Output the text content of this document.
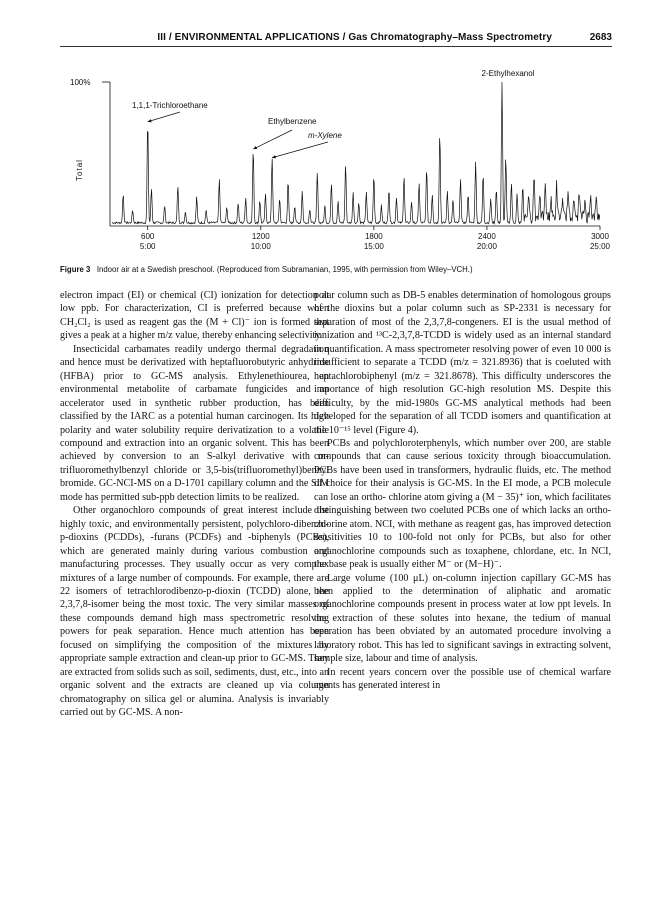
III / ENVIRONMENTAL APPLICATIONS / Gas Chromatography–Mass Spectrometry	2683
Total
100%
600
5:00
1200
10:00
1800
15:00
2400
20:00
3000
25:00
1,1,1-Trichloroethane
Ethylbenzene
m-Xylene
2-Ethylhexanol
Figure 3 Indoor air at a Swedish preschool. (Reproduced from Subramanian, 1995, with permission from Wiley–VCH.)

electron impact (EI) or chemical (CI) ionization for detection at low ppb. For characterization, CI is preferred because when CH₂Cl₂ is used as reagent gas the (M + Cl)⁻ ion is formed that gives a peak at a higher m/z value, thereby enhancing selectivity.

Insecticidal carbamates readily undergo thermal degradation and hence must be derivatized with heptafluorobutyric anhydride (HFBA) prior to GC-MS analysis. Ethylenethiourea, an environmental metabolite of carbamate fungicides and an accelerator used in synthetic rubber production, has been classified by the IARC as a potential human carcinogen. Its high polarity and water solubility require derivatization to a volatile compound and extraction into an organic solvent. This has been achieved by conversion to an S-alkyl derivative with m-trifluoromethylbenzyl chloride or 3,5-bis(trifluoromethyl)benzyl bromide. GC-NCI-MS on a D-1701 capillary column and the SIM mode has permitted sub-ppb detection limits to be realized.

Other organochloro compounds of great interest include the highly toxic, and environmentally persistent, polychloro-dibenzo-p-dioxins (PCDDs), -furans (PCDFs) and -biphenyls (PCBs), which are generated mainly during various combustion and manufacturing processes. They usually occur as very complex mixtures of a large number of compounds. For example, there are 22 isomers of tetrachlorodibenzo-p-dioxin (TCDD) alone, the 2,3,7,8-isomer being the most toxic. The very similar masses of these compounds demand high mass spectrometric resolving powers for peak separation. Hence much attention has been focused on simplifying the composition of the mixtures by appropriate sample extraction and clean-up prior to GC-MS. They are extracted from solids such as soil, sediments, dust, etc., into an organic solvent and the extracts are cleaned up via column chromatography on silica gel or alumina. Analysis is invariably carried out by GC-MS. A non-

polar column such as DB-5 enables determination of homologous groups of the dioxins but a polar column such as SP-2331 is necessary for separation of most of the 2,3,7,8-congeners. EI is the usual method of ionization and ¹³C-2,3,7,8-TCDD is widely used as an internal standard in quantification. A mass spectrometer resolving power of even 10 000 is insufficient to separate a TCDD (m/z = 321.8936) that is coeluted with heptachlorobiphenyl (m/z = 321.8678). This difficulty underscores the importance of high resolution GC-high resolution MS. Despite this difficulty, by the mid-1980s GC-MS analytical methods had been developed for the separation of all TCDD isomers and quantification at the 10⁻¹⁵ level (Figure 4).

PCBs and polychloroterphenyls, which number over 200, are stable compounds that can cause serious toxicity through bioaccumulation. PCBs have been used in transformers, hydraulic fluids, etc. The method of choice for their analysis is GC-MS. In the EI mode, a PCB molecule can lose an ortho- chlorine atom giving a (M − 35)⁺ ion, which facilitates distinguishing between two coeluted PCBs one of which lacks an ortho-chlorine atom. NCI, with methane as reagent gas, has improved detection sensitivities 10 to 100-fold not only for PCBs, but also for other organochlorine compounds such as toxaphene, chlordane, etc. In NCI, the base peak is usually either M⁻ or (M−H)⁻.

Large volume (100 μL) on-column injection capillary GC-MS has been applied to the determination of aliphatic and aromatic organochlorine compounds present in process water at low ppt levels. In the extraction of these solutes into hexane, the tedium of manual operation has been obviated by an automated procedure involving a laboratory robot. This has led to significant savings in extracting solvent, sample size, labour and time of analysis.

In recent years concern over the possible use of chemical warfare agents has generated interest in
